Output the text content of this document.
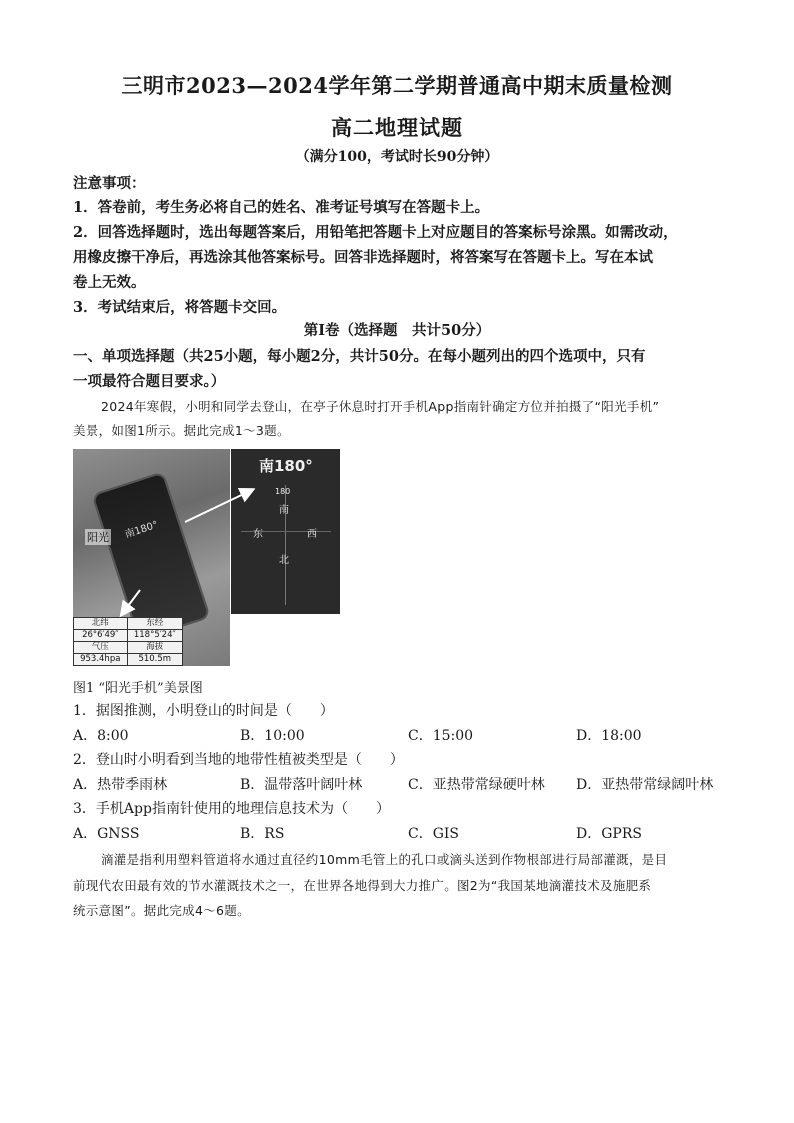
三明市2023—2024学年第二学期普通高中期末质量检测
高二地理试题
（满分100，考试时长90分钟）
注意事项：
1．答卷前，考生务必将自己的姓名、准考证号填写在答题卡上。
2．回答选择题时，选出每题答案后，用铅笔把答题卡上对应题目的答案标号涂黑。如需改动，
用橡皮擦干净后，再选涂其他答案标号。回答非选择题时，将答案写在答题卡上。写在本试
卷上无效。
3．考试结束后，将答题卡交回。
第Ⅰ卷（选择题　共计50分）
一、单项选择题（共25小题，每小题2分，共计50分。在每小题列出的四个选项中，只有
一项最符合题目要求。）
2024年寒假，小明和同学去登山，在亭子休息时打开手机App指南针确定方位并拍摄了“阳光手机”
美景，如图1所示。据此完成1～3题。
南180°
阳光
北纬	东经
26°6′49″	118°5′24″
气压	海拔
953.4hpa	510.5m
南180°
180
南
东	西
北
图1 “阳光手机”美景图
1．据图推测，小明登山的时间是（　　）
A．8:00	B．10:00	C．15:00	D．18:00
2．登山时小明看到当地的地带性植被类型是（　　）
A．热带季雨林	B．温带落叶阔叶林	C．亚热带常绿硬叶林 D．亚热带常绿阔叶林
3．手机App指南针使用的地理信息技术为（　　）
A．GNSS	B．RS	C．GIS	D．GPRS
滴灌是指利用塑料管道将水通过直径约10mm毛管上的孔口或滴头送到作物根部进行局部灌溉，是目
前现代农田最有效的节水灌溉技术之一，在世界各地得到大力推广。图2为“我国某地滴灌技术及施肥系
统示意图”。据此完成4～6题。
